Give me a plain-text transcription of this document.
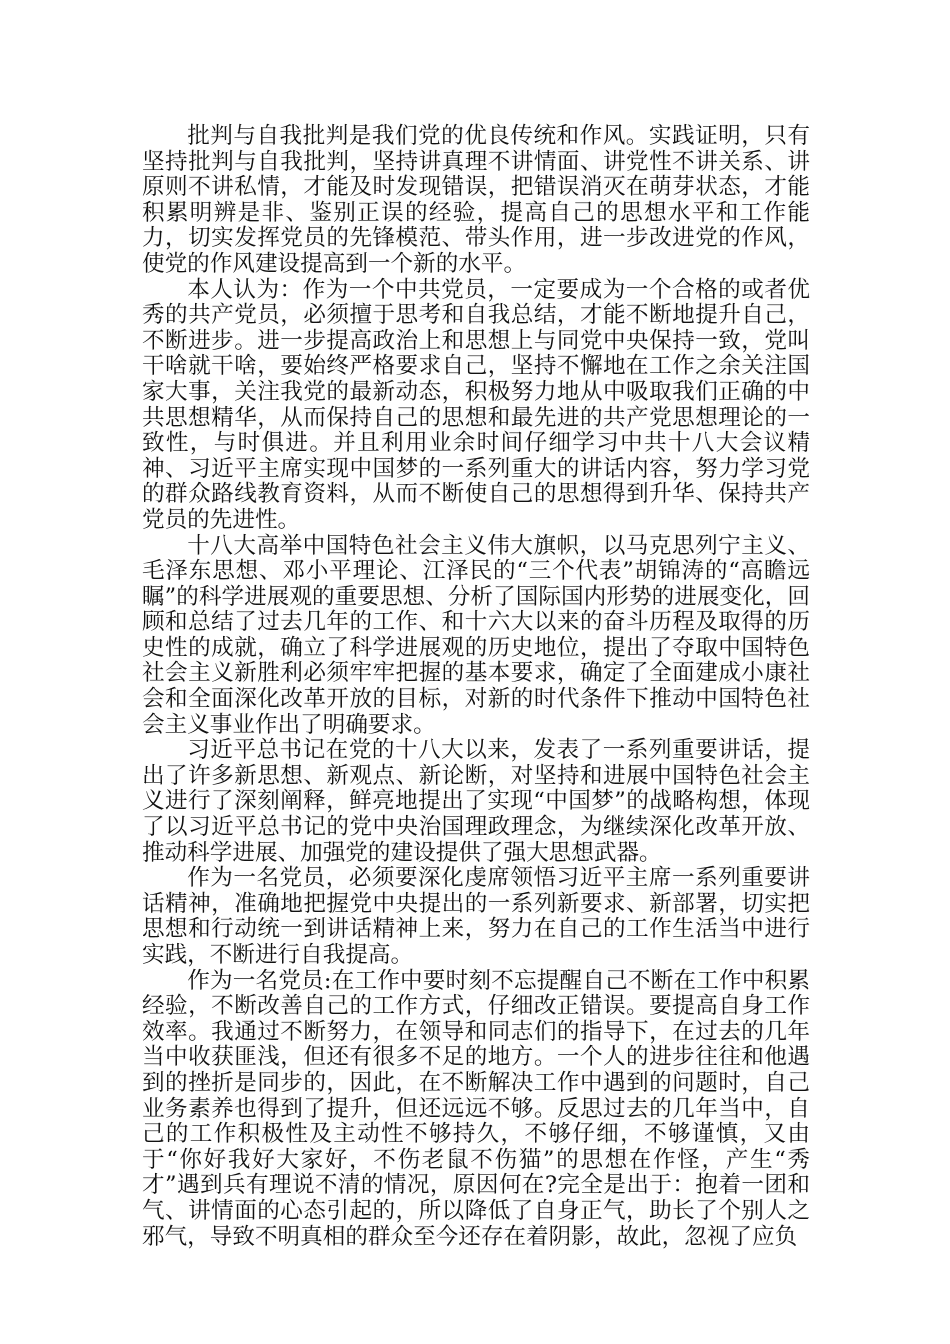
批判与自我批判是我们党的优良传统和作风。实践证明，只有坚持批判与自我批判，坚持讲真理不讲情面、讲党性不讲关系、讲原则不讲私情，才能及时发现错误，把错误消灭在萌芽状态，才能积累明辨是非、鉴别正误的经验，提高自己的思想水平和工作能力，切实发挥党员的先锋模范、带头作用，进一步改进党的作风，使党的作风建设提高到一个新的水平。

本人认为：作为一个中共党员，一定要成为一个合格的或者优秀的共产党员，必须擅于思考和自我总结，才能不断地提升自己，不断进步。进一步提高政治上和思想上与同党中央保持一致，党叫干啥就干啥，要始终严格要求自己，坚持不懈地在工作之余关注国家大事，关注我党的最新动态，积极努力地从中吸取我们正确的中共思想精华，从而保持自己的思想和最先进的共产党思想理论的一致性，与时俱进。并且利用业余时间仔细学习中共十八大会议精神、习近平主席实现中国梦的一系列重大的讲话内容，努力学习党的群众路线教育资料，从而不断使自己的思想得到升华、保持共产党员的先进性。

十八大高举中国特色社会主义伟大旗帜，以马克思列宁主义、毛泽东思想、邓小平理论、江泽民的“三个代表”胡锦涛的“高瞻远瞩”的科学进展观的重要思想、分析了国际国内形势的进展变化，回顾和总结了过去几年的工作、和十六大以来的奋斗历程及取得的历史性的成就，确立了科学进展观的历史地位，提出了夺取中国特色社会主义新胜利必须牢牢把握的基本要求，确定了全面建成小康社会和全面深化改革开放的目标，对新的时代条件下推动中国特色社会主义事业作出了明确要求。

习近平总书记在党的十八大以来，发表了一系列重要讲话，提出了许多新思想、新观点、新论断，对坚持和进展中国特色社会主义进行了深刻阐释，鲜亮地提出了实现“中国梦”的战略构想，体现了以习近平总书记的党中央治国理政理念，为继续深化改革开放、推动科学进展、加强党的建设提供了强大思想武器。

作为一名党员，必须要深化虔席领悟习近平主席一系列重要讲话精神，准确地把握党中央提出的一系列新要求、新部署，切实把思想和行动统一到讲话精神上来，努力在自己的工作生活当中进行实践，不断进行自我提高。

作为一名党员:在工作中要时刻不忘提醒自己不断在工作中积累经验，不断改善自己的工作方式，仔细改正错误。要提高自身工作效率。我通过不断努力，在领导和同志们的指导下，在过去的几年当中收获匪浅，但还有很多不足的地方。一个人的进步往往和他遇到的挫折是同步的，因此，在不断解决工作中遇到的问题时，自己业务素养也得到了提升，但还远远不够。反思过去的几年当中，自己的工作积极性及主动性不够持久，不够仔细，不够谨慎，又由于“你好我好大家好，不伤老鼠不伤猫”的思想在作怪，产生“秀才”遇到兵有理说不清的情况，原因何在?完全是出于：抱着一团和气、讲情面的心态引起的，所以降低了自身正气，助长了个别人之邪气，导致不明真相的群众至今还存在着阴影，故此，忽视了应负
